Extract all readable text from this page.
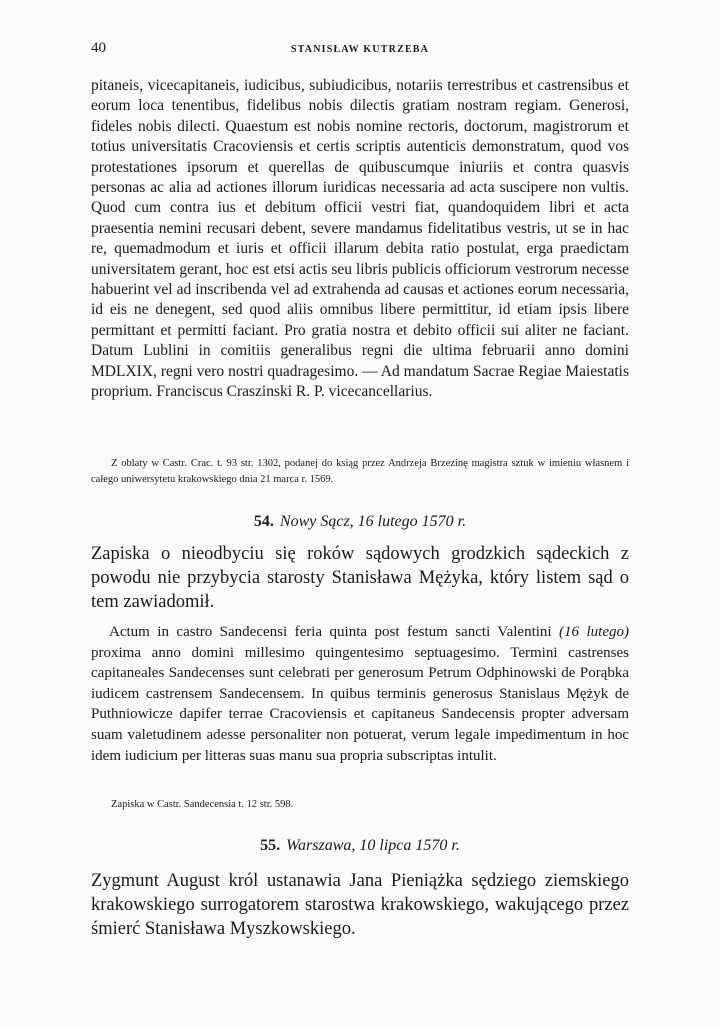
40	STANISŁAW KUTRZEBA

pitaneis, vicecapitaneis, iudicibus, subiudicibus, notariis terrestribus et castrensibus et eorum loca tenentibus, fidelibus nobis dilectis gratiam nostram regiam. Generosi, fideles nobis dilecti. Quaestum est nobis nomine rectoris, doctorum, magistrorum et totius universitatis Cracoviensis et certis scriptis autenticis demonstratum, quod vos protestationes ipsorum et querellas de quibuscumque iniuriis et contra quasvis personas ac alia ad actiones illorum iuridicas necessaria ad acta suscipere non vultis. Quod cum contra ius et debitum officii vestri fiat, quandoquidem libri et acta praesentia nemini recusari debent, severe mandamus fidelitatibus vestris, ut se in hac re, quemadmodum et iuris et officii illarum debita ratio postulat, erga praedictam universitatem gerant, hoc est etsi actis seu libris publicis officiorum vestrorum necesse habuerint vel ad inscribenda vel ad extrahenda ad causas et actiones eorum necessaria, id eis ne denegent, sed quod aliis omnibus libere permittitur, id etiam ipsis libere permittant et permitti faciant. Pro gratia nostra et debito officii sui aliter ne faciant. Datum Lublini in comitiis generalibus regni die ultima februarii anno domini MDLXIX, regni vero nostri quadragesimo. — Ad mandatum Sacrae Regiae Maiestatis proprium. Franciscus Craszinski R. P. vicecancellarius.

Z oblaty w Castr. Crac. t. 93 str. 1302, podanej do ksiąg przez Andrzeja Brzezinę magistra sztuk w imieniu własnem i całego uniwersytetu krakowskiego dnia 21 marca r. 1569.

54. Nowy Sącz, 16 lutego 1570 r.

Zapiska o nieodbyciu się roków sądowych grodzkich sądeckich z powodu nie przybycia starosty Stanisława Mężyka, który listem sąd o tem zawiadomił.

Actum in castro Sandecensi feria quinta post festum sancti Valentini (16 lutego) proxima anno domini millesimo quingentesimo septuagesimo. Termini castrenses capitaneales Sandecenses sunt celebrati per generosum Petrum Odphinowski de Porąbka iudicem castrensem Sandecensem. In quibus terminis generosus Stanislaus Mężyk de Puthniowicze dapifer terrae Cracoviensis et capitaneus Sandecensis propter adversam suam valetudinem adesse personaliter non potuerat, verum legale impedimentum in hoc idem iudicium per litteras suas manu sua propria subscriptas intulit.

Zapiska w Castr. Sandecensia t. 12 str. 598.

55. Warszawa, 10 lipca 1570 r.

Zygmunt August król ustanawia Jana Pieniążka sędziego ziemskiego krakowskiego surrogatorem starostwa krakowskiego, wakującego przez śmierć Stanisława Myszkowskiego.
